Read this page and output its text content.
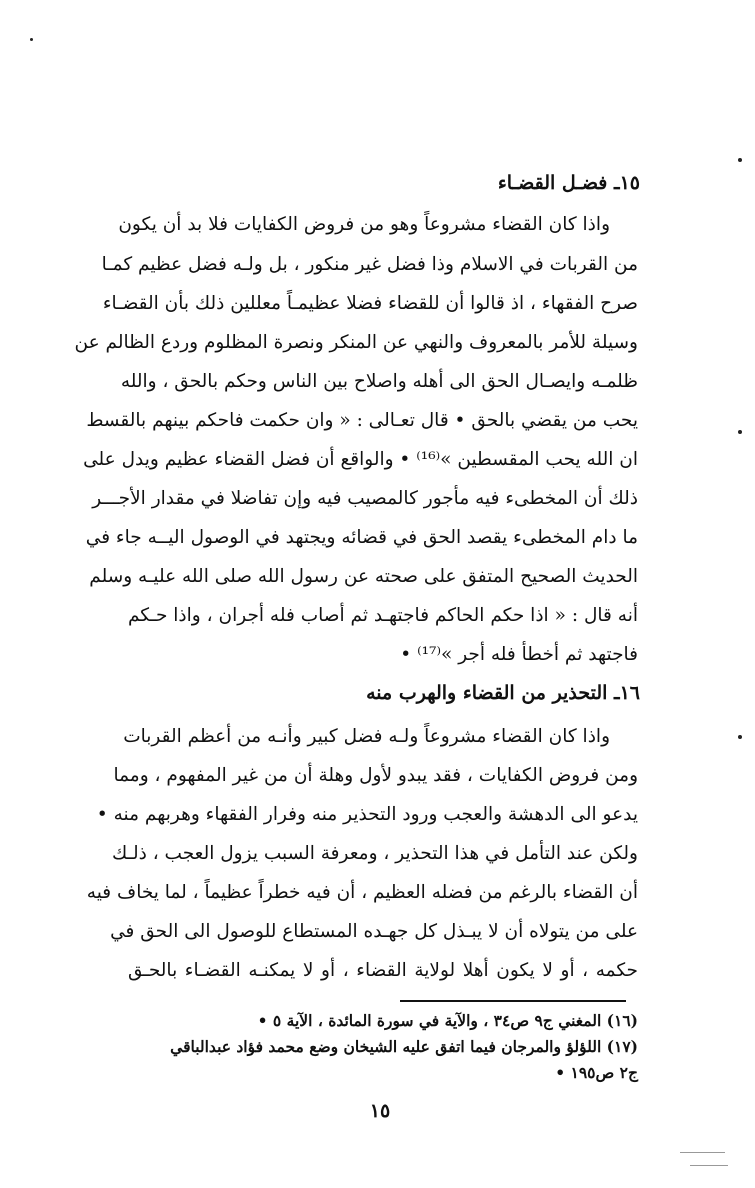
١٥ـ فضـل القضـاء
واذا كان القضاء مشروعاً وهو من فروض الكفايات فلا بد أن يكون
من القربات في الاسلام وذا فضل غير منكور ، بل ولـه فضل عظيم كمـا
صرح الفقهاء ، اذ قالوا أن للقضاء فضلا عظيمـاً معللين ذلك بأن القضـاء
وسيلة للأمر بالمعروف والنهي عن المنكر ونصرة المظلوم وردع الظالم عن
ظلمـه وايصـال الحق الى أهله واصلاح بين الناس وحكم بالحق ، والله
يحب من يقضي بالحق • قال تعـالى : « وان حكمت فاحكم بينهم بالقسط
ان الله يحب المقسطين »⁽¹⁶⁾ • والواقع أن فضل القضاء عظيم ويدل على
ذلك أن المخطىء فيه مأجور كالمصيب فيه وإن تفاضلا في مقدار الأجـــر
ما دام المخطىء يقصد الحق في قضائه ويجتهد في الوصول اليــه جاء في
الحديث الصحيح المتفق على صحته عن رسول الله صلى الله عليـه وسلم
أنه قال : « اذا حكم الحاكم فاجتهـد ثم أصاب فله أجران ، واذا حـكم
فاجتهد ثم أخطأ فله أجر »⁽¹⁷⁾ •
١٦ـ التحذير من القضاء والهرب منه
واذا كان القضاء مشروعاً ولـه فضل كبير وأنـه من أعظم القربات
ومن فروض الكفايات ، فقد يبدو لأول وهلة أن من غير المفهوم ، ومما
يدعو الى الدهشة والعجب ورود التحذير منه وفرار الفقهاء وهربهم منه •
ولكن عند التأمل في هذا التحذير ، ومعرفة السبب يزول العجب ، ذلـك
أن القضاء بالرغم من فضله العظيم ، أن فيه خطراً عظيماً ، لما يخاف فيه
على من يتولاه أن لا يبـذل كل جهـده المستطاع للوصول الى الحق في
حكمه ، أو لا يكون أهلا لولاية القضاء ، أو لا يمكنـه القضـاء بالحـق
(١٦) المغني ج٩ ص٣٤ ، والآية في سورة المائدة ، الآية ٥ •
(١٧) اللؤلؤ والمرجان فيما اتفق عليه الشيخان وضع محمد فؤاد عبدالباقي
ج٢ ص١٩٥ •
١٥
